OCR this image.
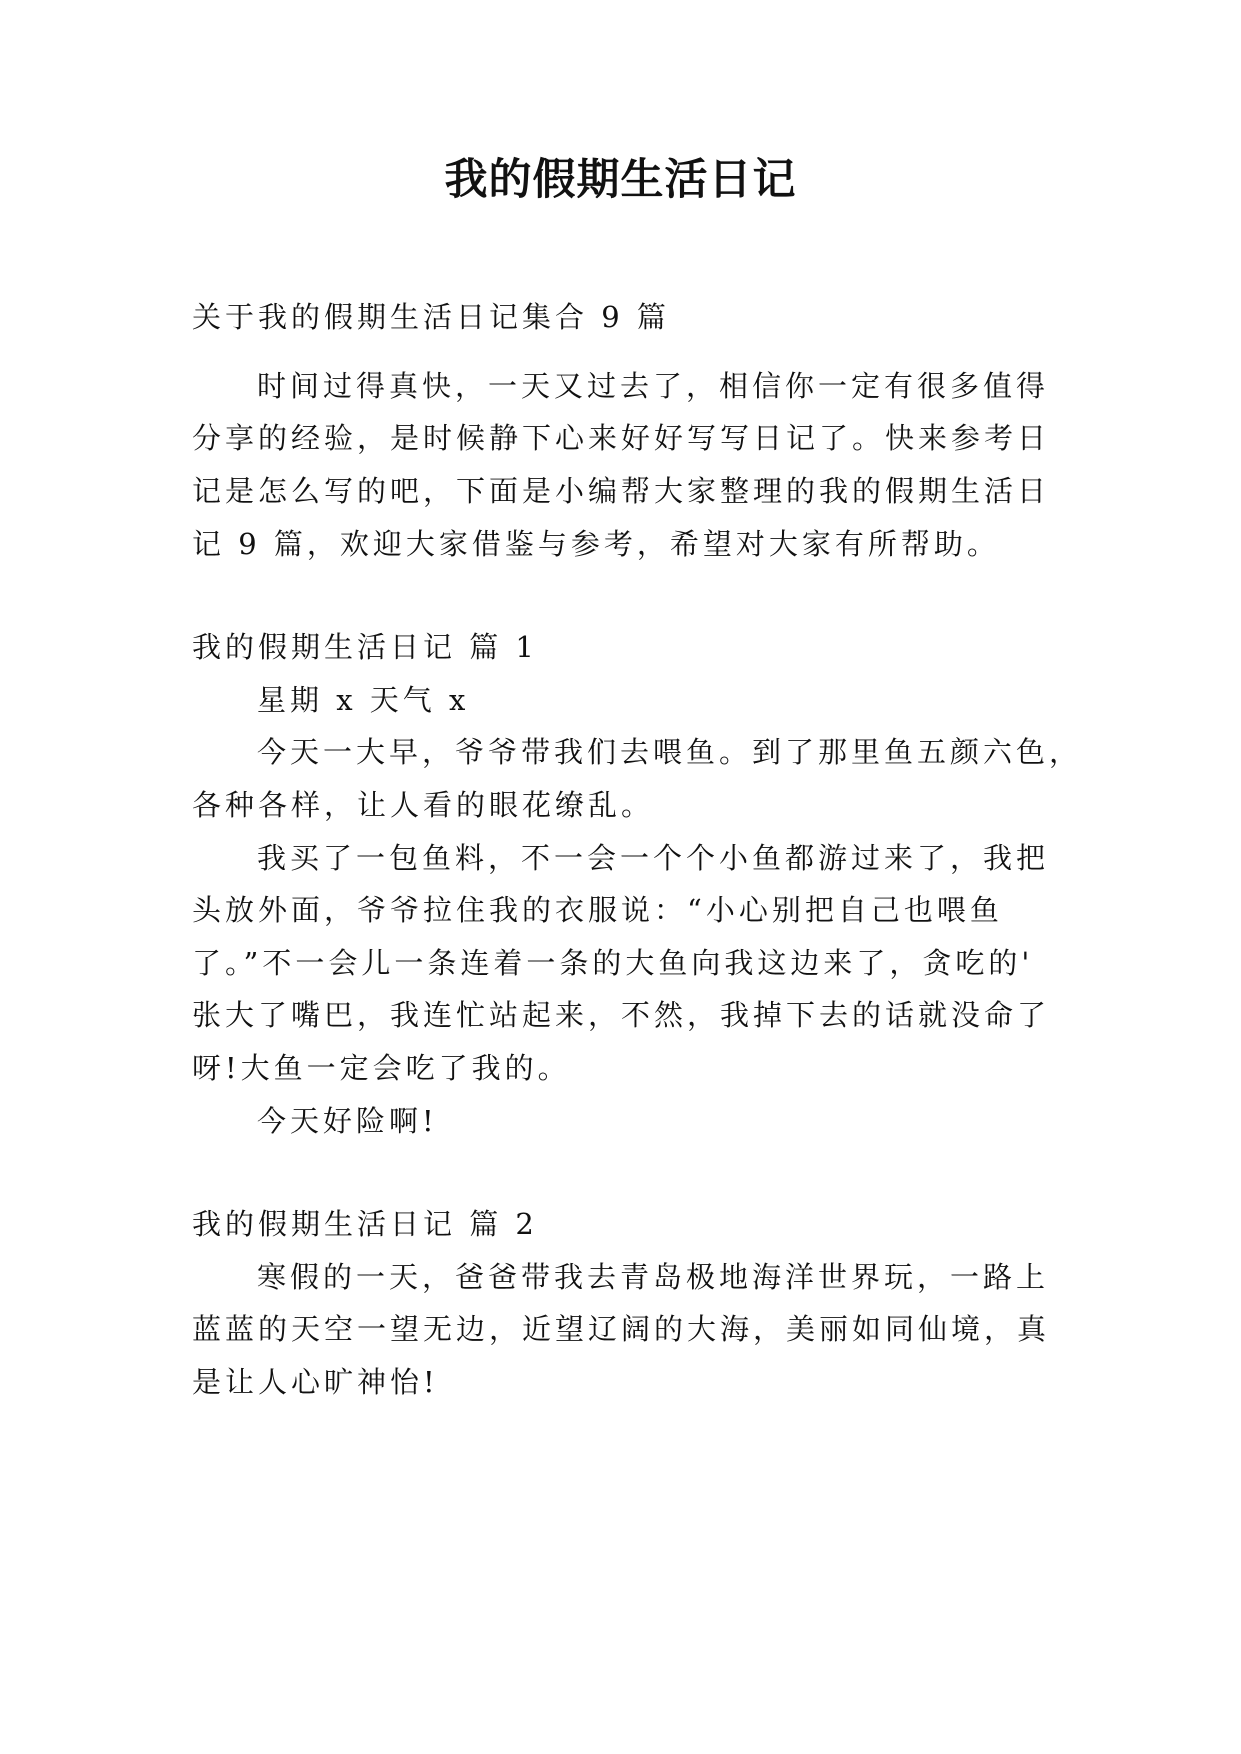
我的假期生活日记

关于我的假期生活日记集合 9 篇

时间过得真快，一天又过去了，相信你一定有很多值得

分享的经验，是时候静下心来好好写写日记了。快来参考日

记是怎么写的吧，下面是小编帮大家整理的我的假期生活日

记 9 篇，欢迎大家借鉴与参考，希望对大家有所帮助。

我的假期生活日记 篇 1

星期 x 天气 x

今天一大早，爷爷带我们去喂鱼。到了那里鱼五颜六色，

各种各样，让人看的眼花缭乱。

我买了一包鱼料，不一会一个个小鱼都游过来了，我把

头放外面，爷爷拉住我的衣服说：“小心别把自己也喂鱼

了。”不一会儿一条连着一条的大鱼向我这边来了，贪吃的'

张大了嘴巴，我连忙站起来，不然，我掉下去的话就没命了

呀!大鱼一定会吃了我的。

今天好险啊!

我的假期生活日记 篇 2

寒假的一天，爸爸带我去青岛极地海洋世界玩，一路上

蓝蓝的天空一望无边，近望辽阔的大海，美丽如同仙境，真

是让人心旷神怡!
